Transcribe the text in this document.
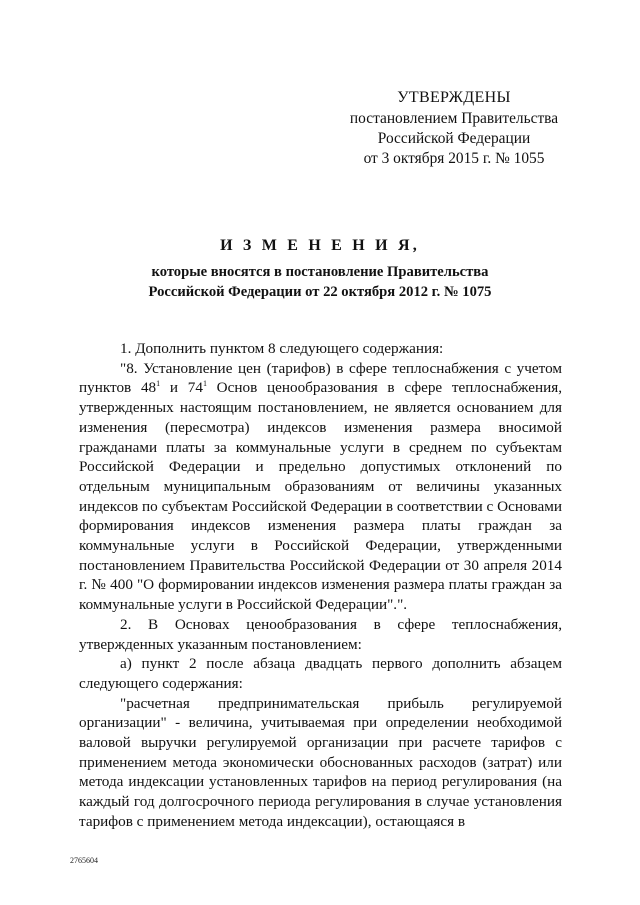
УТВЕРЖДЕНЫ
постановлением Правительства
Российской Федерации
от 3 октября 2015 г. № 1055
И З М Е Н Е Н И Я,
которые вносятся в постановление Правительства
Российской Федерации от 22 октября 2012 г. № 1075

1. Дополнить пунктом 8 следующего содержания:

"8. Установление цен (тарифов) в сфере теплоснабжения с учетом пунктов $48^1$ и $74^1$ Основ ценообразования в сфере теплоснабжения, утвержденных настоящим постановлением, не является основанием для изменения (пересмотра) индексов изменения размера вносимой гражданами платы за коммунальные услуги в среднем по субъектам Российской Федерации и предельно допустимых отклонений по отдельным муниципальным образованиям от величины указанных индексов по субъектам Российской Федерации в соответствии с Основами формирования индексов изменения размера платы граждан за коммунальные услуги в Российской Федерации, утвержденными постановлением Правительства Российской Федерации от 30 апреля 2014 г. № 400 "О формировании индексов изменения размера платы граждан за коммунальные услуги в Российской Федерации".".

2. В Основах ценообразования в сфере теплоснабжения, утвержденных указанным постановлением:

а) пункт 2 после абзаца двадцать первого дополнить абзацем следующего содержания:

"расчетная предпринимательская прибыль регулируемой организации" - величина, учитываемая при определении необходимой валовой выручки регулируемой организации при расчете тарифов с применением метода экономически обоснованных расходов (затрат) или метода индексации установленных тарифов на период регулирования (на каждый год долгосрочного периода регулирования в случае установления тарифов с применением метода индексации), остающаяся в

2765604
